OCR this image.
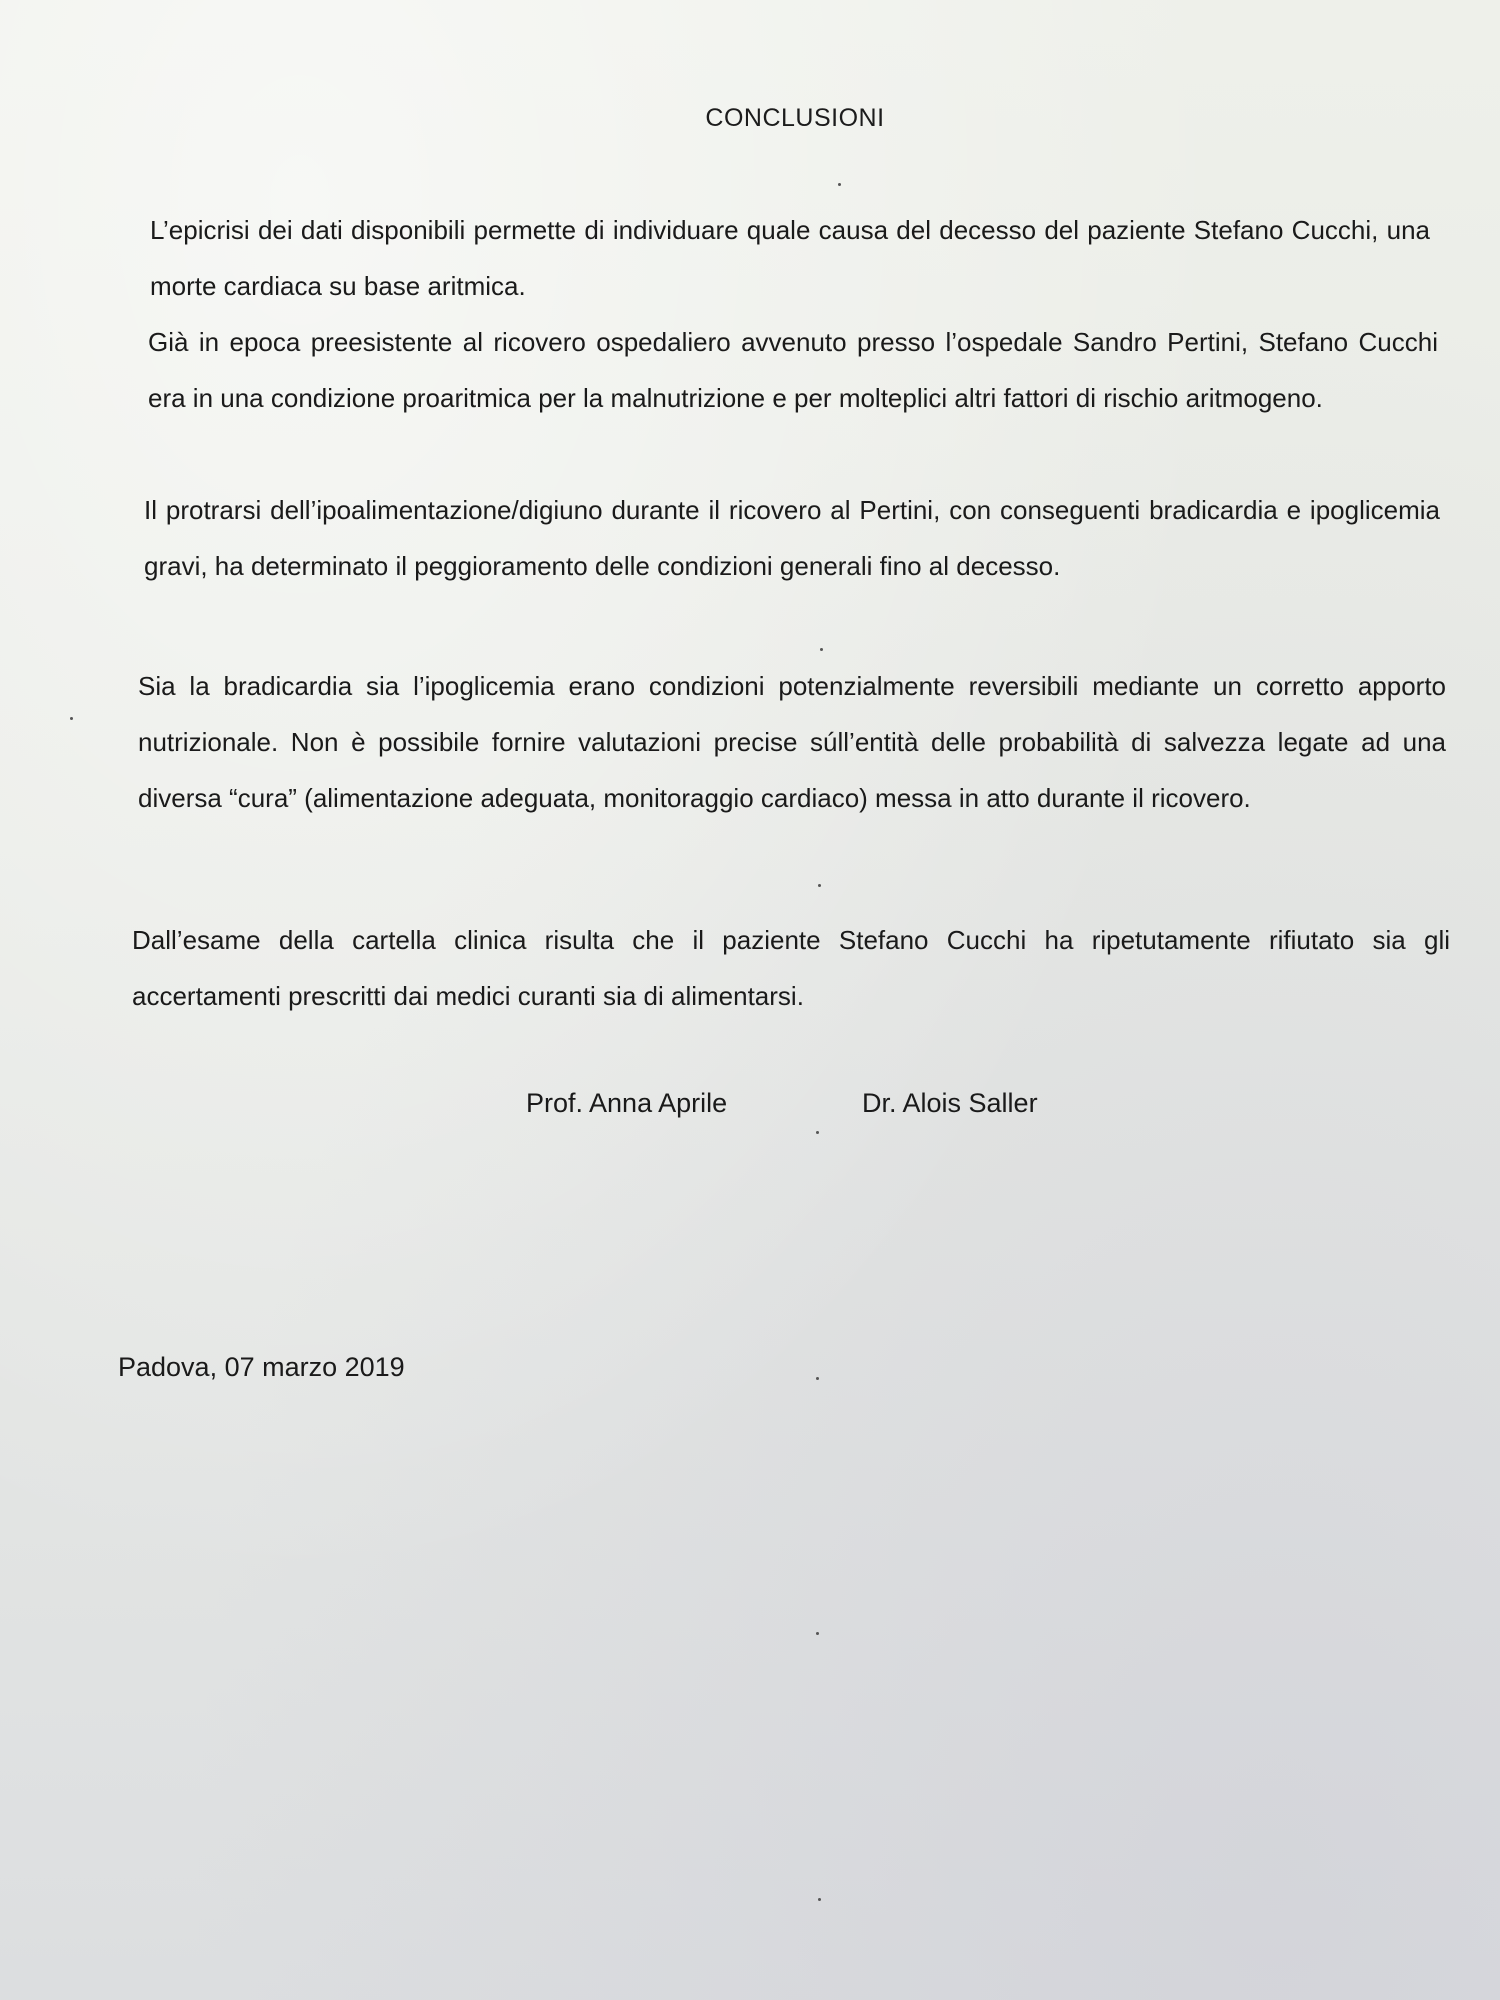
CONCLUSIONI

L’epicrisi dei dati disponibili permette di individuare quale causa del decesso del paziente Stefano Cucchi, una morte cardiaca su base aritmica.

Già in epoca preesistente al ricovero ospedaliero avvenuto presso l’ospedale Sandro Pertini, Stefano Cucchi era in una condizione proaritmica per la malnutrizione e per molteplici altri fattori di rischio aritmogeno.

Il protrarsi dell’ipoalimentazione/digiuno durante il ricovero al Pertini, con conseguenti bradicardia e ipoglicemia gravi, ha determinato il peggioramento delle condizioni generali fino al decesso.

Sia la bradicardia sia l’ipoglicemia erano condizioni potenzialmente reversibili mediante un corretto apporto nutrizionale. Non è possibile fornire valutazioni precise súll’entità delle probabilità di salvezza legate ad una diversa “cura” (alimentazione adeguata, monitoraggio cardiaco) messa in atto durante il ricovero.

Dall’esame della cartella clinica risulta che il paziente Stefano Cucchi ha ripetutamente rifiutato sia gli accertamenti prescritti dai medici curanti sia di alimentarsi.

Prof. Anna Aprile	Dr. Alois Saller
Padova, 07 marzo 2019
